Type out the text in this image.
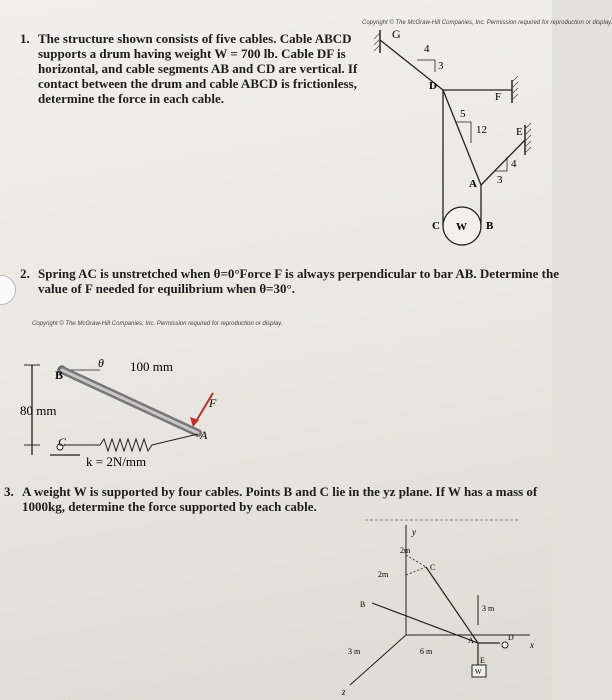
1. The structure shown consists of five cables. Cable ABCD
supports a drum having weight W = 700 lb. Cable DF is
horizontal, and cable segments AB and CD are vertical. If
contact between the drum and cable ABCD is frictionless,
determine the force in each cable.
Copyright © The McGraw-Hill Companies, Inc. Permission required for reproduction or display.
G
4
3
D
F
5
12	E
4
3
A
C W B
2. Spring AC is unstretched when θ=0°Force F is always perpendicular to bar AB. Determine the
value of F needed for equilibrium when θ=30°.
Copyright © The McGraw-Hill Companies, Inc. Permission required for reproduction or display.
B
θ 100 mm
80 mm	F
A
C
k = 2N/mm
3. A weight W is supported by four cables. Points B and C lie in the yz plane. If W has a mass of
1000kg, determine the force supported by each cable.
y
x
z
B
C
A	D
E
W
2m
2m
3 m
3 m	6 m
